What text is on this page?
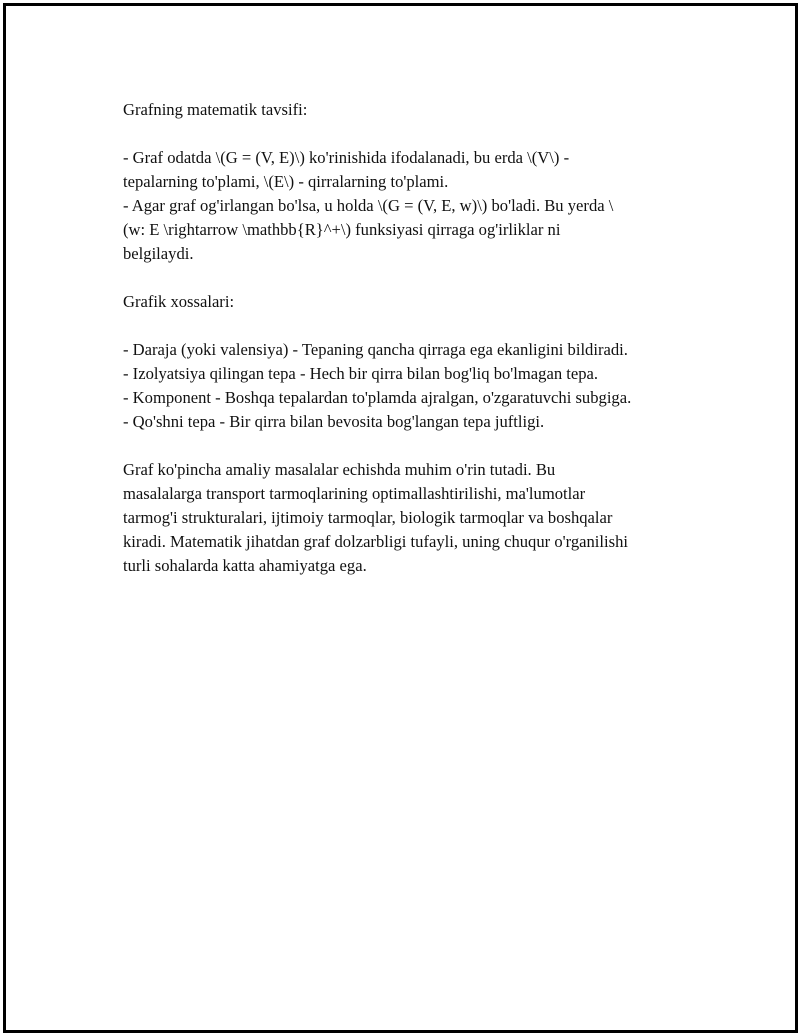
Grafning matematik tavsifi:

- Graf odatda \(G = (V, E)\) ko'rinishida ifodalanadi, bu erda \(V\) -
tepalarning to'plami, \(E\) - qirralarning to'plami.
- Agar graf og'irlangan bo'lsa, u holda \(G = (V, E, w)\) bo'ladi. Bu yerda \
(w: E \rightarrow \mathbb{R}^+\) funksiyasi qirraga og'irliklar ni
belgilaydi.

Grafik xossalari:

- Daraja (yoki valensiya) - Tepaning qancha qirraga ega ekanligini bildiradi.
- Izolyatsiya qilingan tepa - Hech bir qirra bilan bog'liq bo'lmagan tepa.
- Komponent - Boshqa tepalardan to'plamda ajralgan, o'zgaratuvchi subgiga.
- Qo'shni tepa - Bir qirra bilan bevosita bog'langan tepa juftligi.

Graf ko'pincha amaliy masalalar echishda muhim o'rin tutadi. Bu
masalalarga transport tarmoqlarining optimallashtirilishi, ma'lumotlar
tarmog'i strukturalari, ijtimoiy tarmoqlar, biologik tarmoqlar va boshqalar
kiradi. Matematik jihatdan graf dolzarbligi tufayli, uning chuqur o'rganilishi
turli sohalarda katta ahamiyatga ega.
